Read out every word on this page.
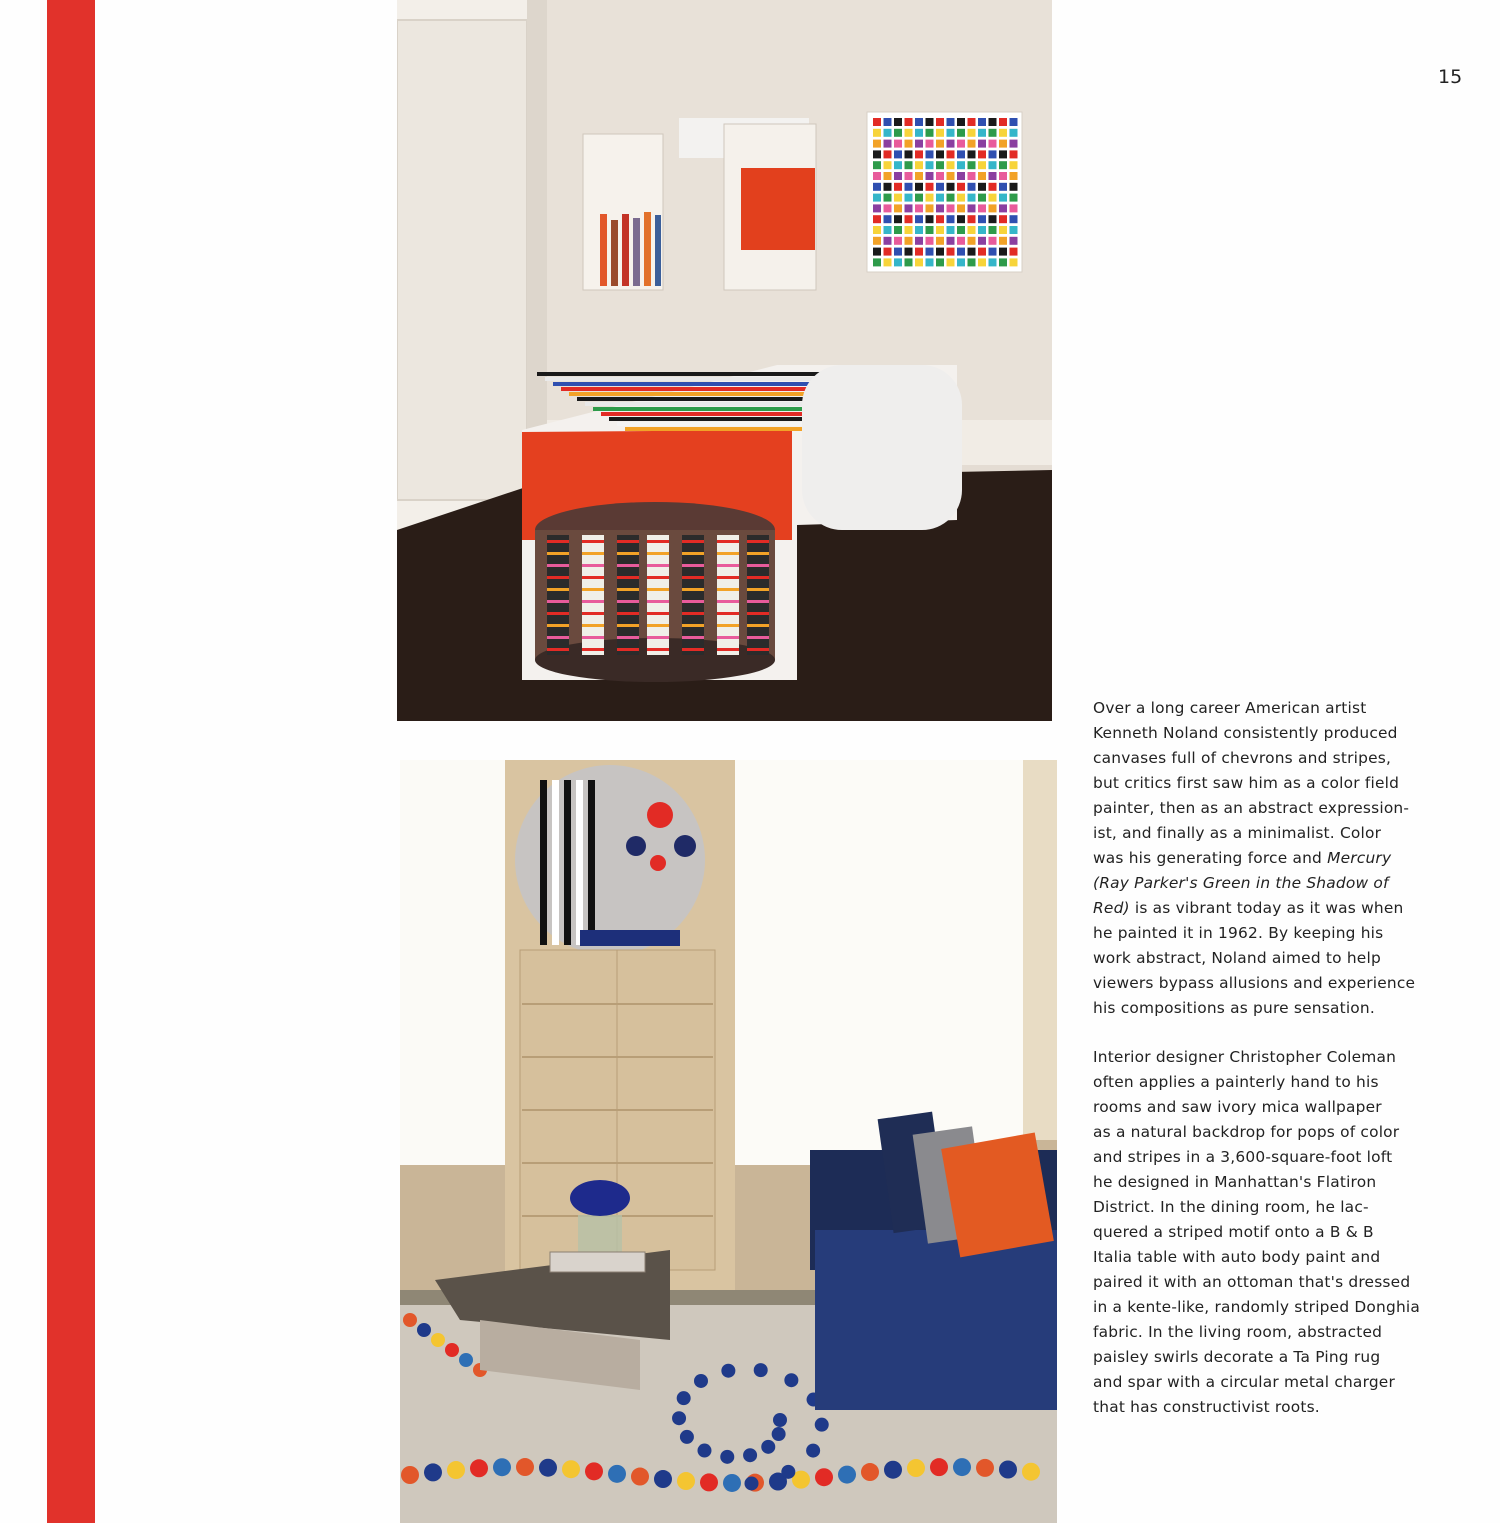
15
Over a long career American artist
Kenneth Noland consistently produced
canvases full of chevrons and stripes,
but critics first saw him as a color field
painter, then as an abstract expression-
ist, and finally as a minimalist. Color
was his generating force and Mercury
(Ray Parker's Green in the Shadow of
Red) is as vibrant today as it was when
he painted it in 1962. By keeping his
work abstract, Noland aimed to help
viewers bypass allusions and experience
his compositions as pure sensation.
Interior designer Christopher Coleman
often applies a painterly hand to his
rooms and saw ivory mica wallpaper
as a natural backdrop for pops of color
and stripes in a 3,600-square-foot loft
he designed in Manhattan's Flatiron
District. In the dining room, he lac-
quered a striped motif onto a B & B
Italia table with auto body paint and
paired it with an ottoman that's dressed
in a kente-like, randomly striped Donghia
fabric. In the living room, abstracted
paisley swirls decorate a Ta Ping rug
and spar with a circular metal charger
that has constructivist roots.
